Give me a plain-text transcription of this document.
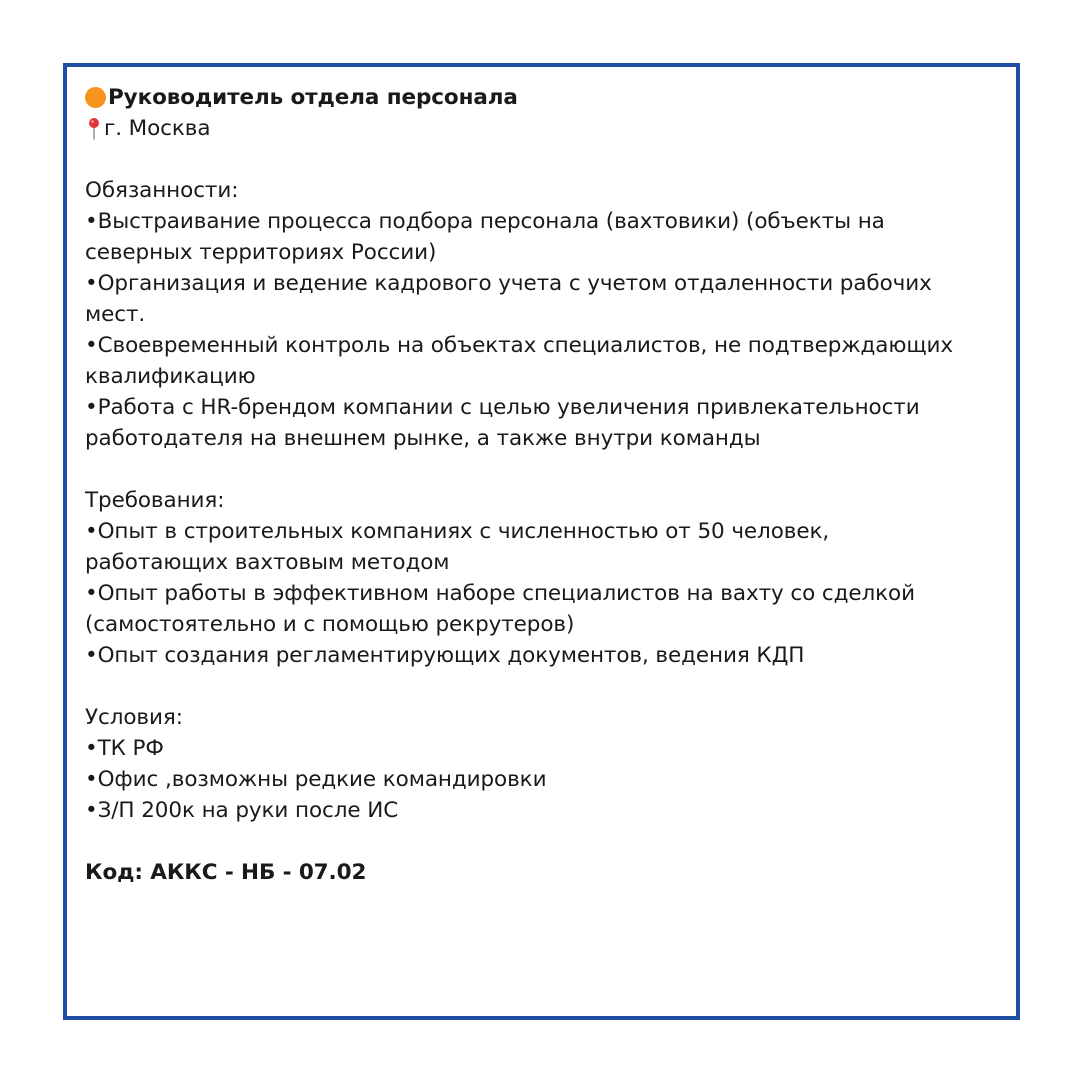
Руководитель отдела персонала
г. Москва
Обязанности:
•Выстраивание процесса подбора персонала (вахтовики) (объекты на
северных территориях России)
•Организация и ведение кадрового учета с учетом отдаленности рабочих
мест.
•Своевременный контроль на объектах специалистов, не подтверждающих
квалификацию
•Работа с HR-брендом компании с целью увеличения привлекательности
работодателя на внешнем рынке, а также внутри команды
Требования:
•Опыт в строительных компаниях с численностью от 50 человек,
работающих вахтовым методом
•Опыт работы в эффективном наборе специалистов на вахту со сделкой
(самостоятельно и с помощью рекрутеров)
•Опыт создания регламентирующих документов, ведения КДП
Условия:
•ТК РФ
•Офис ,возможны редкие командировки
•З/П 200к на руки после ИС
Код: АККС - НБ - 07.02
